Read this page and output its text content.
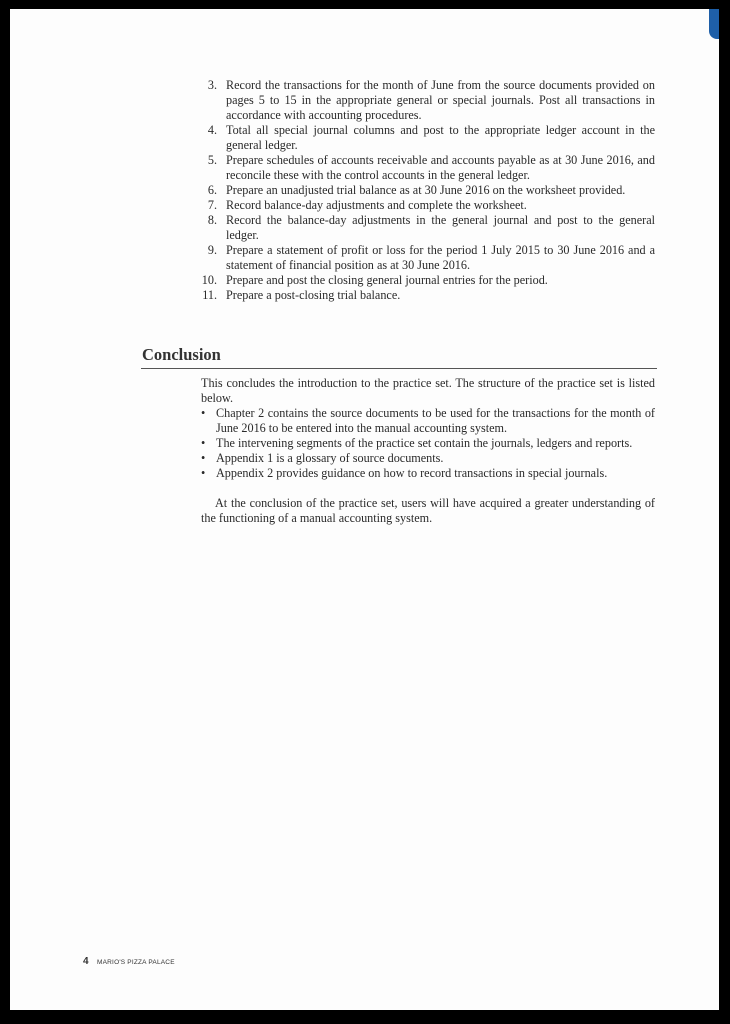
3. Record the transactions for the month of June from the source documents provided on pages 5 to 15 in the appropriate general or special journals. Post all transactions in accordance with accounting procedures.
4. Total all special journal columns and post to the appropriate ledger account in the general ledger.
5. Prepare schedules of accounts receivable and accounts payable as at 30 June 2016, and reconcile these with the control accounts in the general ledger.
6. Prepare an unadjusted trial balance as at 30 June 2016 on the worksheet provided.
7. Record balance-day adjustments and complete the worksheet.
8. Record the balance-day adjustments in the general journal and post to the general ledger.
9. Prepare a statement of profit or loss for the period 1 July 2015 to 30 June 2016 and a statement of financial position as at 30 June 2016.
10. Prepare and post the closing general journal entries for the period.
11. Prepare a post-closing trial balance.
Conclusion

This concludes the introduction to the practice set. The structure of the practice set is listed below.

• Chapter 2 contains the source documents to be used for the transactions for the month of June 2016 to be entered into the manual accounting system.
• The intervening segments of the practice set contain the journals, ledgers and reports.
• Appendix 1 is a glossary of source documents.
• Appendix 2 provides guidance on how to record transactions in special journals.

At the conclusion of the practice set, users will have acquired a greater understanding of the functioning of a manual accounting system.

4 MARIO'S PIZZA PALACE
